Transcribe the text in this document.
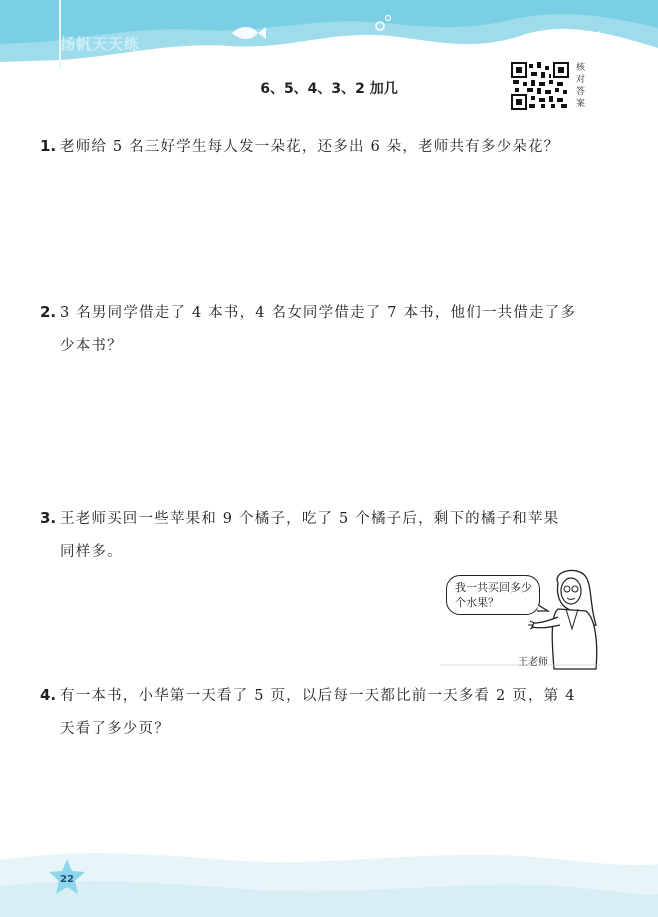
扬帆天天练
6、5、4、3、2 加几
核对答案
1. 老师给 5 名三好学生每人发一朵花，还多出 6 朵，老师共有多少朵花？
2. 3 名男同学借走了 4 本书，4 名女同学借走了 7 本书，他们一共借走了多
少本书？
3. 王老师买回一些苹果和 9 个橘子，吃了 5 个橘子后，剩下的橘子和苹果
同样多。
我一共买回多少个水果？
王老师
4. 有一本书，小华第一天看了 5 页，以后每一天都比前一天多看 2 页，第 4
天看了多少页？
22
